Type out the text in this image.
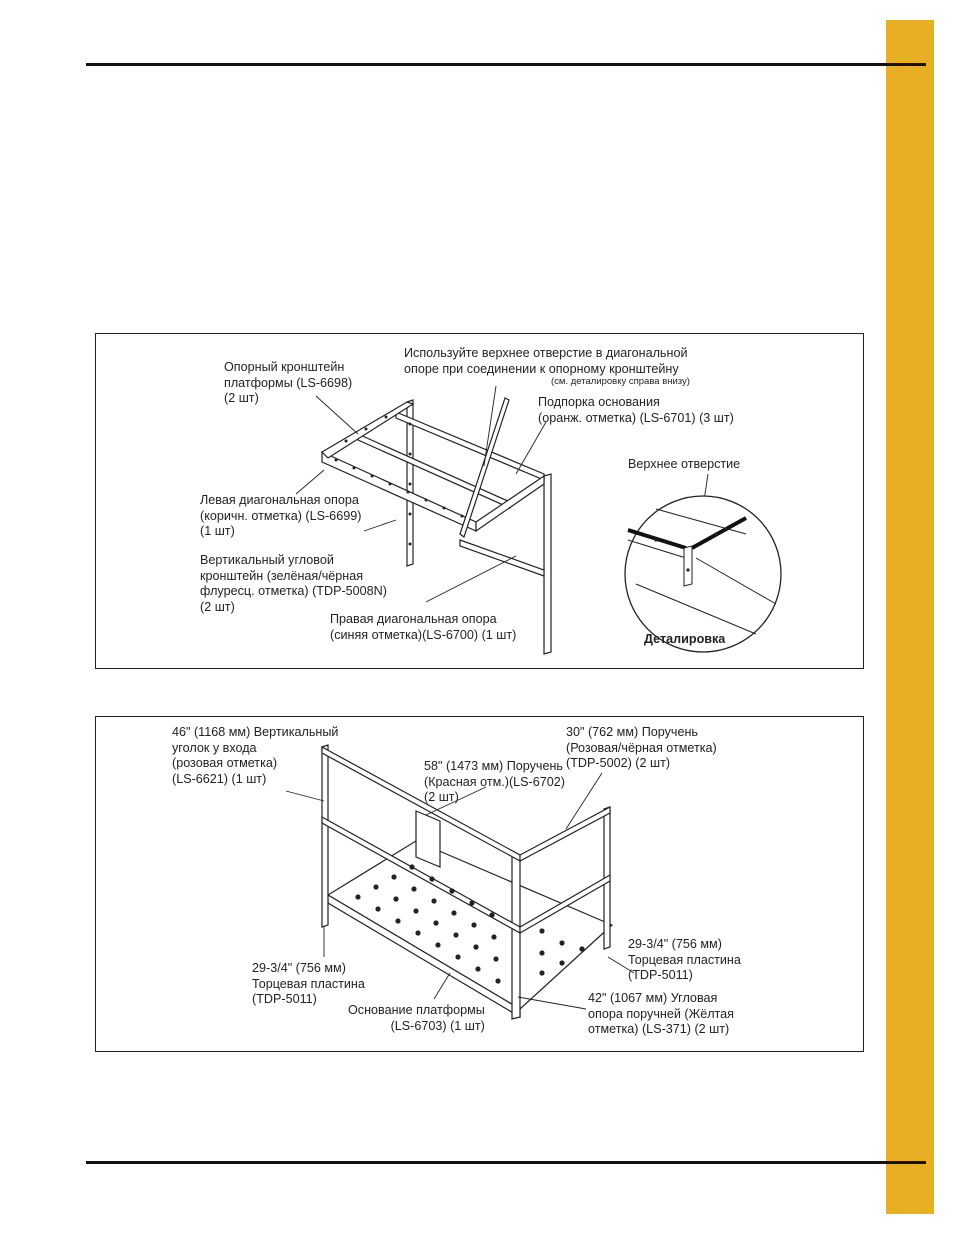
Опорный кронштейн
платформы (LS-6698)
(2 шт)
Используйте верхнее отверстие в диагональной
опоре при соединении к опорному кронштейну
(см. деталировку справа внизу)
Подпорка основания
(оранж. отметка) (LS-6701) (3 шт)
Верхнее отверстие
Левая диагональная опора
(коричн. отметка) (LS-6699)
(1 шт)
Вертикальный угловой
кронштейн (зелёная/чёрная
флуресц. отметка) (TDP-5008N)
(2 шт)
Правая диагональная опора
(синяя отметка)(LS-6700) (1 шт)	Деталировка
46" (1168 мм) Вертикальный
уголок у входа
(розовая отметка)
(LS-6621) (1 шт)
30" (762 мм) Поручень
(Розовая/чёрная отметка)
(TDP-5002) (2 шт)
58" (1473 мм) Поручень
(Красная отм.)(LS-6702)
(2 шт)
29-3/4" (756 мм)
Торцевая пластина
(TDP-5011)
29-3/4" (756 мм)
Торцевая пластина
(TDP-5011)
Основание платформы
(LS-6703) (1 шт)
42" (1067 мм) Угловая
опора поручней (Жёлтая
отметка) (LS-371) (2 шт)
